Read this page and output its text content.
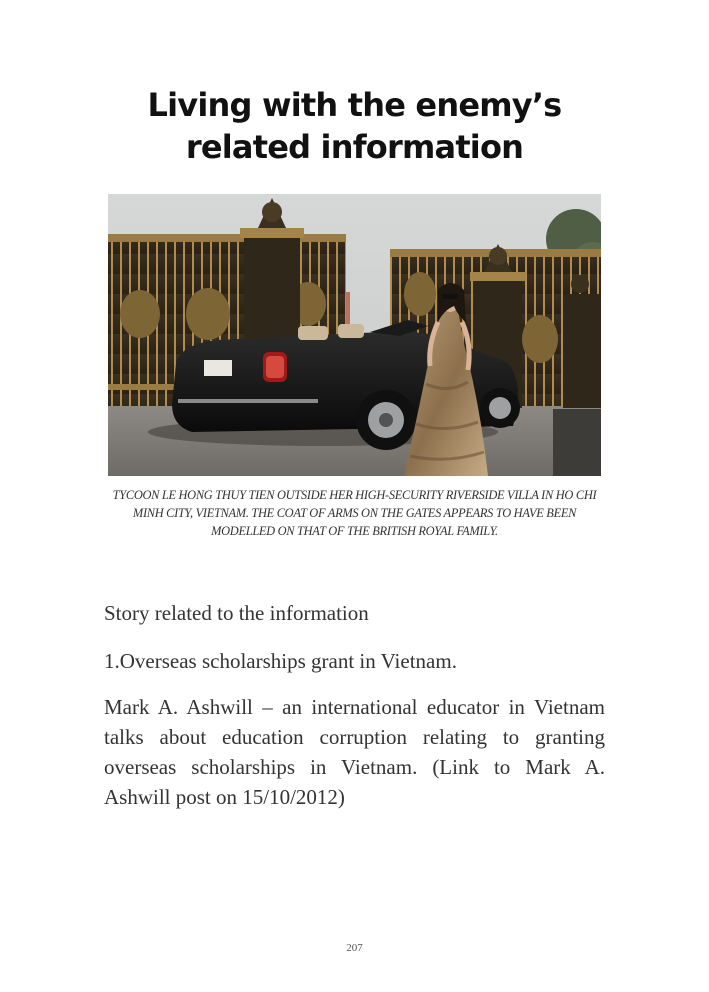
Living with the enemy’s
related information

TYCOON LE HONG THUY TIEN OUTSIDE HER HIGH-SECURITY RIVERSIDE VILLA IN HO CHI MINH CITY, VIETNAM. THE COAT OF ARMS ON THE GATES APPEARS TO HAVE BEEN MODELLED ON THAT OF THE BRITISH ROYAL FAMILY.

Story related to the information

1.Overseas scholarships grant in Vietnam.

Mark A. Ashwill – an international educator in Vietnam talks about education corruption relating to granting overseas scholarships in Vietnam. (Link to Mark A. Ashwill post on 15/10/2012)

207
